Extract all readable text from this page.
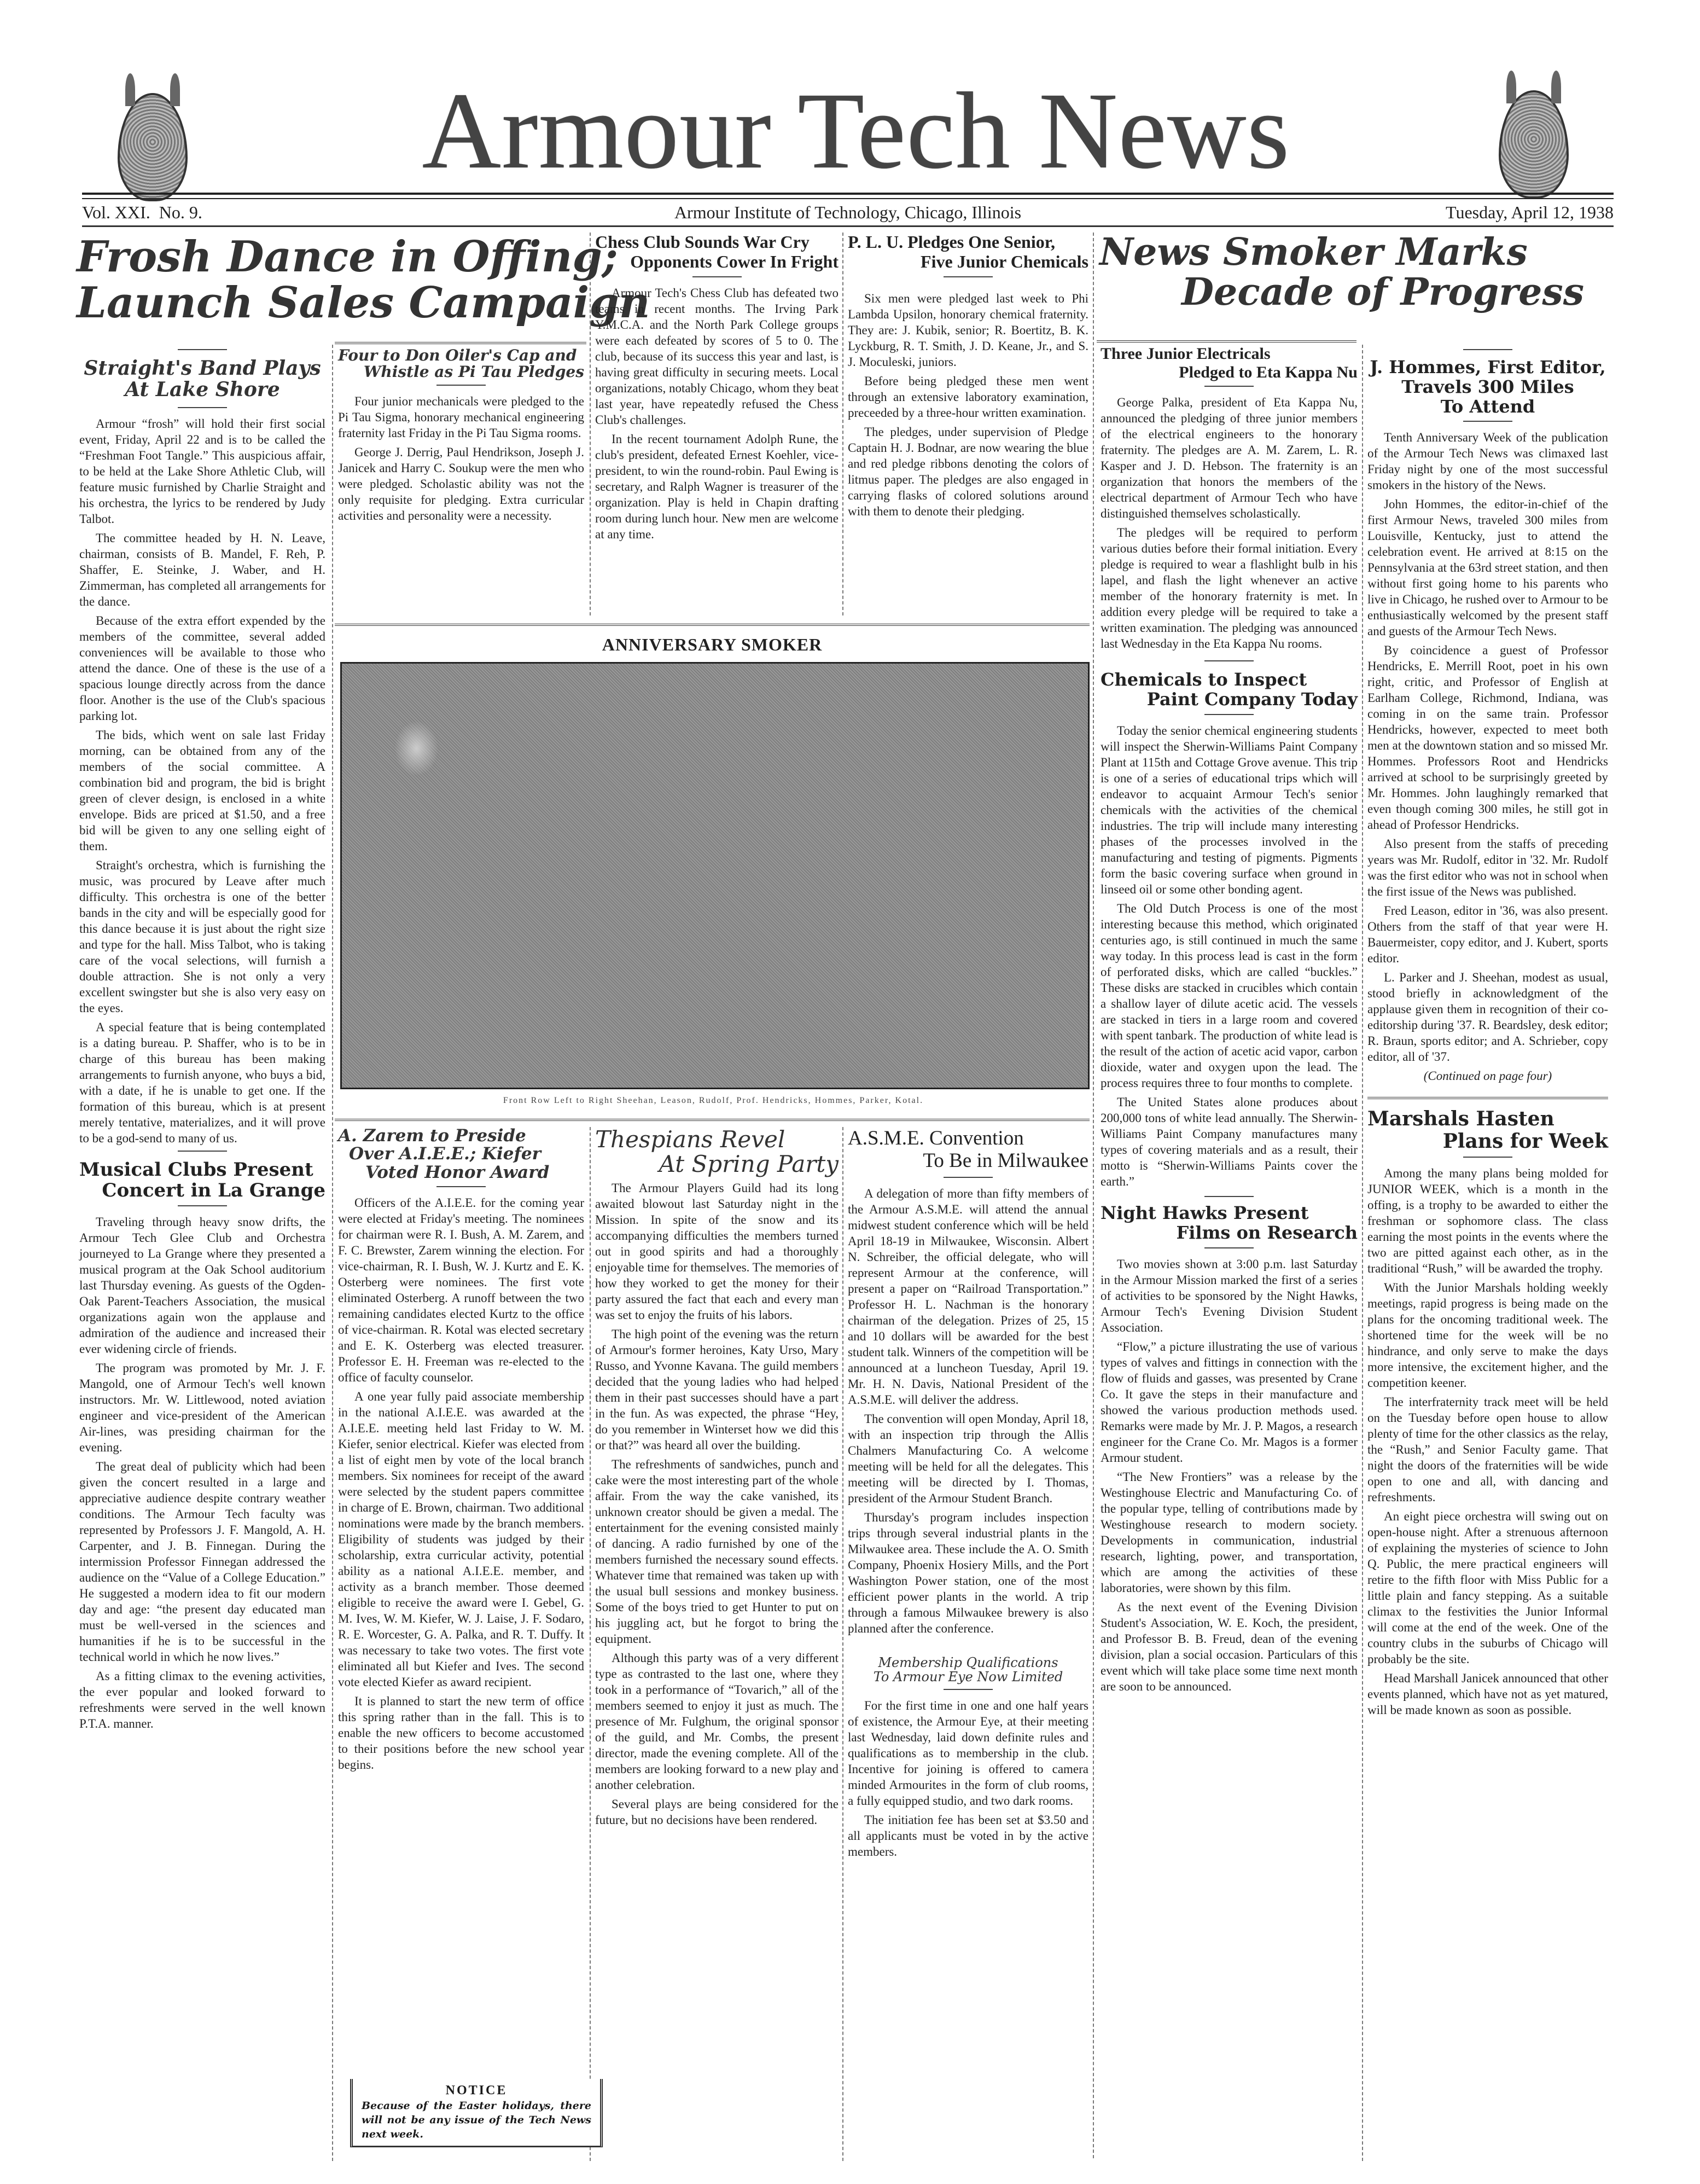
Armour Tech News
Vol. XXI. No. 9.	Armour Institute of Technology, Chicago, Illinois	Tuesday, April 12, 1938
Frosh Dance in Offing;
Launch Sales Campaign
Straight's Band Plays
At Lake Shore

Armour “frosh” will hold their first social event, Friday, April 22 and is to be called the “Freshman Foot Tangle.” This auspicious affair, to be held at the Lake Shore Athletic Club, will feature music furnished by Charlie Straight and his orchestra, the lyrics to be rendered by Judy Talbot.

The committee headed by H. N. Leave, chairman, consists of B. Mandel, F. Reh, P. Shaffer, E. Steinke, J. Waber, and H. Zimmerman, has completed all arrangements for the dance.

Because of the extra effort expended by the members of the committee, several added conveniences will be available to those who attend the dance. One of these is the use of a spacious lounge directly across from the dance floor. Another is the use of the Club's spacious parking lot.

The bids, which went on sale last Friday morning, can be obtained from any of the members of the social committee. A combination bid and program, the bid is bright green of clever design, is enclosed in a white envelope. Bids are priced at $1.50, and a free bid will be given to any one selling eight of them.

Straight's orchestra, which is furnishing the music, was procured by Leave after much difficulty. This orchestra is one of the better bands in the city and will be especially good for this dance because it is just about the right size and type for the hall. Miss Talbot, who is taking care of the vocal selections, will furnish a double attraction. She is not only a very excellent swingster but she is also very easy on the eyes.

A special feature that is being contemplated is a dating bureau. P. Shaffer, who is to be in charge of this bureau has been making arrangements to furnish anyone, who buys a bid, with a date, if he is unable to get one. If the formation of this bureau, which is at present merely tentative, materializes, and it will prove to be a god-send to many of us.

Musical Clubs Present
Concert in La Grange

Traveling through heavy snow drifts, the Armour Tech Glee Club and Orchestra journeyed to La Grange where they presented a musical program at the Oak School auditorium last Thursday evening. As guests of the Ogden-Oak Parent-Teachers Association, the musical organizations again won the applause and admiration of the audience and increased their ever widening circle of friends.

The program was promoted by Mr. J. F. Mangold, one of Armour Tech's well known instructors. Mr. W. Littlewood, noted aviation engineer and vice-president of the American Air-lines, was presiding chairman for the evening.

The great deal of publicity which had been given the concert resulted in a large and appreciative audience despite contrary weather conditions. The Armour Tech faculty was represented by Professors J. F. Mangold, A. H. Carpenter, and J. B. Finnegan. During the intermission Professor Finnegan addressed the audience on the “Value of a College Education.” He suggested a modern idea to fit our modern day and age: “the present day educated man must be well-versed in the sciences and humanities if he is to be successful in the technical world in which he now lives.”

As a fitting climax to the evening activities, the ever popular and looked forward to refreshments were served in the well known P.T.A. manner.

Four to Don Oiler's Cap and
Whistle as Pi Tau Pledges

Four junior mechanicals were pledged to the Pi Tau Sigma, honorary mechanical engineering fraternity last Friday in the Pi Tau Sigma rooms.

George J. Derrig, Paul Hendrikson, Joseph J. Janicek and Harry C. Soukup were the men who were pledged. Scholastic ability was not the only requisite for pledging. Extra curricular activities and personality were a necessity.

Chess Club Sounds War Cry
Opponents Cower In Fright

Armour Tech's Chess Club has defeated two teams in recent months. The Irving Park Y.M.C.A. and the North Park College groups were each defeated by scores of 5 to 0. The club, because of its success this year and last, is having great difficulty in securing meets. Local organizations, notably Chicago, whom they beat last year, have repeatedly refused the Chess Club's challenges.

In the recent tournament Adolph Rune, the club's president, defeated Ernest Koehler, vice-president, to win the round-robin. Paul Ewing is secretary, and Ralph Wagner is treasurer of the organization. Play is held in Chapin drafting room during lunch hour. New men are welcome at any time.

P. L. U. Pledges One Senior,
Five Junior Chemicals

Six men were pledged last week to Phi Lambda Upsilon, honorary chemical fraternity. They are: J. Kubik, senior; R. Boertitz, B. K. Lyckburg, R. T. Smith, J. D. Keane, Jr., and S. J. Moculeski, juniors.

Before being pledged these men went through an extensive laboratory examination, preceeded by a three-hour written examination.

The pledges, under supervision of Pledge Captain H. J. Bodnar, are now wearing the blue and red pledge ribbons denoting the colors of litmus paper. The pledges are also engaged in carrying flasks of colored solutions around with them to denote their pledging.

ANNIVERSARY SMOKER
Front Row Left to Right Sheehan, Leason, Rudolf, Prof. Hendricks, Hommes, Parker, Kotal.
A. Zarem to Preside
Over A.I.E.E.; Kiefer
Voted Honor Award

Officers of the A.I.E.E. for the coming year were elected at Friday's meeting. The nominees for chairman were R. I. Bush, A. M. Zarem, and F. C. Brewster, Zarem winning the election. For vice-chairman, R. I. Bush, W. J. Kurtz and E. K. Osterberg were nominees. The first vote eliminated Osterberg. A runoff between the two remaining candidates elected Kurtz to the office of vice-chairman. R. Kotal was elected secretary and E. K. Osterberg was elected treasurer. Professor E. H. Freeman was re-elected to the office of faculty counselor.

A one year fully paid associate membership in the national A.I.E.E. was awarded at the A.I.E.E. meeting held last Friday to W. M. Kiefer, senior electrical. Kiefer was elected from a list of eight men by vote of the local branch members. Six nominees for receipt of the award were selected by the student papers committee in charge of E. Brown, chairman. Two additional nominations were made by the branch members. Eligibility of students was judged by their scholarship, extra curricular activity, potential ability as a national A.I.E.E. member, and activity as a branch member. Those deemed eligible to receive the award were I. Gebel, G. M. Ives, W. M. Kiefer, W. J. Laise, J. F. Sodaro, R. E. Worcester, G. A. Palka, and R. T. Duffy. It was necessary to take two votes. The first vote eliminated all but Kiefer and Ives. The second vote elected Kiefer as award recipient.

It is planned to start the new term of office this spring rather than in the fall. This is to enable the new officers to become accustomed to their positions before the new school year begins.

NOTICE
Because of the Easter holidays, there will not be any issue of the Tech News next week.
Thespians Revel
At Spring Party

The Armour Players Guild had its long awaited blowout last Saturday night in the Mission. In spite of the snow and its accompanying difficulties the members turned out in good spirits and had a thoroughly enjoyable time for themselves. The memories of how they worked to get the money for their party assured the fact that each and every man was set to enjoy the fruits of his labors.

The high point of the evening was the return of Armour's former heroines, Katy Urso, Mary Russo, and Yvonne Kavana. The guild members decided that the young ladies who had helped them in their past successes should have a part in the fun. As was expected, the phrase “Hey, do you remember in Winterset how we did this or that?” was heard all over the building.

The refreshments of sandwiches, punch and cake were the most interesting part of the whole affair. From the way the cake vanished, its unknown creator should be given a medal. The entertainment for the evening consisted mainly of dancing. A radio furnished by one of the members furnished the necessary sound effects. Whatever time that remained was taken up with the usual bull sessions and monkey business. Some of the boys tried to get Hunter to put on his juggling act, but he forgot to bring the equipment.

Although this party was of a very different type as contrasted to the last one, where they took in a performance of “Tovarich,” all of the members seemed to enjoy it just as much. The presence of Mr. Fulghum, the original sponsor of the guild, and Mr. Combs, the present director, made the evening complete. All of the members are looking forward to a new play and another celebration.

Several plays are being considered for the future, but no decisions have been rendered.

A.S.M.E. Convention
To Be in Milwaukee

A delegation of more than fifty members of the Armour A.S.M.E. will attend the annual midwest student conference which will be held April 18-19 in Milwaukee, Wisconsin. Albert N. Schreiber, the official delegate, who will represent Armour at the conference, will present a paper on “Railroad Transportation.” Professor H. L. Nachman is the honorary chairman of the delegation. Prizes of 25, 15 and 10 dollars will be awarded for the best student talk. Winners of the competition will be announced at a luncheon Tuesday, April 19. Mr. H. N. Davis, National President of the A.S.M.E. will deliver the address.

The convention will open Monday, April 18, with an inspection trip through the Allis Chalmers Manufacturing Co. A welcome meeting will be held for all the delegates. This meeting will be directed by I. Thomas, president of the Armour Student Branch.

Thursday's program includes inspection trips through several industrial plants in the Milwaukee area. These include the A. O. Smith Company, Phoenix Hosiery Mills, and the Port Washington Power station, one of the most efficient power plants in the world. A trip through a famous Milwaukee brewery is also planned after the conference.

Membership Qualifications
To Armour Eye Now Limited

For the first time in one and one half years of existence, the Armour Eye, at their meeting last Wednesday, laid down definite rules and qualifications as to membership in the club. Incentive for joining is offered to camera minded Armourites in the form of club rooms, a fully equipped studio, and two dark rooms.

The initiation fee has been set at $3.50 and all applicants must be voted in by the active members.

News Smoker Marks
Decade of Progress
Three Junior Electricals
Pledged to Eta Kappa Nu

George Palka, president of Eta Kappa Nu, announced the pledging of three junior members of the electrical engineers to the honorary fraternity. The pledges are A. M. Zarem, L. R. Kasper and J. D. Hebson. The fraternity is an organization that honors the members of the electrical department of Armour Tech who have distinguished themselves scholastically.

The pledges will be required to perform various duties before their formal initiation. Every pledge is required to wear a flashlight bulb in his lapel, and flash the light whenever an active member of the honorary fraternity is met. In addition every pledge will be required to take a written examination. The pledging was announced last Wednesday in the Eta Kappa Nu rooms.

Chemicals to Inspect
Paint Company Today

Today the senior chemical engineering students will inspect the Sherwin-Williams Paint Company Plant at 115th and Cottage Grove avenue. This trip is one of a series of educational trips which will endeavor to acquaint Armour Tech's senior chemicals with the activities of the chemical industries. The trip will include many interesting phases of the processes involved in the manufacturing and testing of pigments. Pigments form the basic covering surface when ground in linseed oil or some other bonding agent.

The Old Dutch Process is one of the most interesting because this method, which originated centuries ago, is still continued in much the same way today. In this process lead is cast in the form of perforated disks, which are called “buckles.” These disks are stacked in crucibles which contain a shallow layer of dilute acetic acid. The vessels are stacked in tiers in a large room and covered with spent tanbark. The production of white lead is the result of the action of acetic acid vapor, carbon dioxide, water and oxygen upon the lead. The process requires three to four months to complete.

The United States alone produces about 200,000 tons of white lead annually. The Sherwin-Williams Paint Company manufactures many types of covering materials and as a result, their motto is “Sherwin-Williams Paints cover the earth.”

Night Hawks Present
Films on Research

Two movies shown at 3:00 p.m. last Saturday in the Armour Mission marked the first of a series of activities to be sponsored by the Night Hawks, Armour Tech's Evening Division Student Association.

“Flow,” a picture illustrating the use of various types of valves and fittings in connection with the flow of fluids and gasses, was presented by Crane Co. It gave the steps in their manufacture and showed the various production methods used. Remarks were made by Mr. J. P. Magos, a research engineer for the Crane Co. Mr. Magos is a former Armour student.

“The New Frontiers” was a release by the Westinghouse Electric and Manufacturing Co. of the popular type, telling of contributions made by Westinghouse research to modern society. Developments in communication, industrial research, lighting, power, and transportation, which are among the activities of these laboratories, were shown by this film.

As the next event of the Evening Division Student's Association, W. E. Koch, the president, and Professor B. B. Freud, dean of the evening division, plan a social occasion. Particulars of this event which will take place some time next month are soon to be announced.

J. Hommes, First Editor,
Travels 300 Miles
To Attend

Tenth Anniversary Week of the publication of the Armour Tech News was climaxed last Friday night by one of the most successful smokers in the history of the News.

John Hommes, the editor-in-chief of the first Armour News, traveled 300 miles from Louisville, Kentucky, just to attend the celebration event. He arrived at 8:15 on the Pennsylvania at the 63rd street station, and then without first going home to his parents who live in Chicago, he rushed over to Armour to be enthusiastically welcomed by the present staff and guests of the Armour Tech News.

By coincidence a guest of Professor Hendricks, E. Merrill Root, poet in his own right, critic, and Professor of English at Earlham College, Richmond, Indiana, was coming in on the same train. Professor Hendricks, however, expected to meet both men at the downtown station and so missed Mr. Hommes. Professors Root and Hendricks arrived at school to be surprisingly greeted by Mr. Hommes. John laughingly remarked that even though coming 300 miles, he still got in ahead of Professor Hendricks.

Also present from the staffs of preceding years was Mr. Rudolf, editor in '32. Mr. Rudolf was the first editor who was not in school when the first issue of the News was published.

Fred Leason, editor in '36, was also present. Others from the staff of that year were H. Bauermeister, copy editor, and J. Kubert, sports editor.

L. Parker and J. Sheehan, modest as usual, stood briefly in acknowledgment of the applause given them in recognition of their co-editorship during '37. R. Beardsley, desk editor; R. Braun, sports editor; and A. Schrieber, copy editor, all of '37.

(Continued on page four)
Marshals Hasten
Plans for Week

Among the many plans being molded for JUNIOR WEEK, which is a month in the offing, is a trophy to be awarded to either the freshman or sophomore class. The class earning the most points in the events where the two are pitted against each other, as in the traditional “Rush,” will be awarded the trophy.

With the Junior Marshals holding weekly meetings, rapid progress is being made on the plans for the oncoming traditional week. The shortened time for the week will be no hindrance, and only serve to make the days more intensive, the excitement higher, and the competition keener.

The interfraternity track meet will be held on the Tuesday before open house to allow plenty of time for the other classics as the relay, the “Rush,” and Senior Faculty game. That night the doors of the fraternities will be wide open to one and all, with dancing and refreshments.

An eight piece orchestra will swing out on open-house night. After a strenuous afternoon of explaining the mysteries of science to John Q. Public, the mere practical engineers will retire to the fifth floor with Miss Public for a little plain and fancy stepping. As a suitable climax to the festivities the Junior Informal will come at the end of the week. One of the country clubs in the suburbs of Chicago will probably be the site.

Head Marshall Janicek announced that other events planned, which have not as yet matured, will be made known as soon as possible.
